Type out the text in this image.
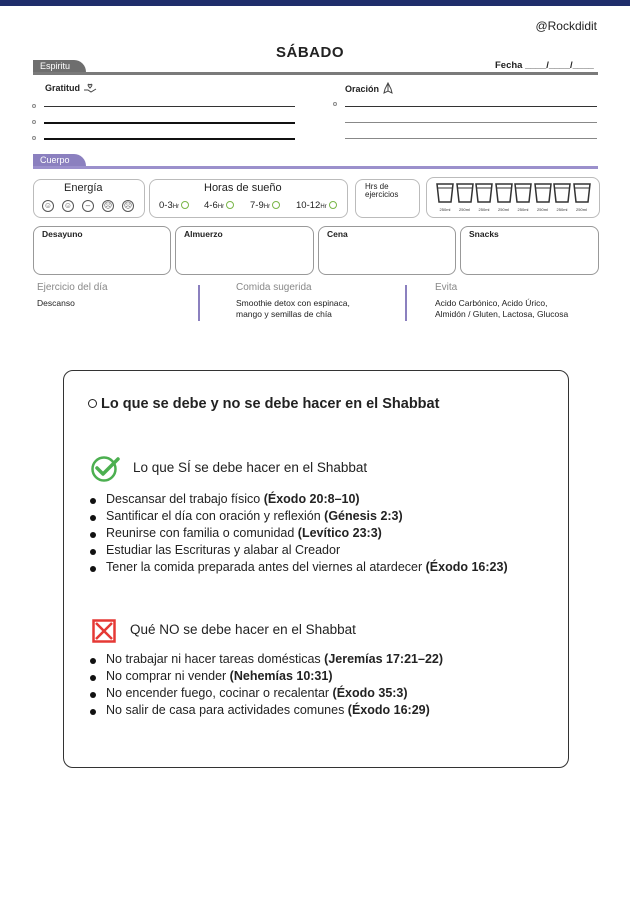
@Rockdidit
SÁBADO
Fecha ____/____/____
Espiritu
Gratitud	Oración
Cuerpo
Energía
☺ ☺	–	☹ ☹
Horas de sueño
0-3Hr	4-6Hr	7-9Hr	10-12Hr
Hrs de ejercicios
250ml	250ml	250ml	250ml	250ml	250ml	250ml	250ml
Desayuno	Almuerzo	Cena	Snacks
Ejercicio del día
Descanso
Comida sugerida
Smoothie detox con espinaca,
mango y semillas de chía
Evita
Acido Carbónico, Acido Úrico,
Almidón / Gluten, Lactosa, Glucosa
Lo que se debe y no se debe hacer en el Shabbat
Lo que SÍ se debe hacer en el Shabbat
Descansar del trabajo físico (Éxodo 20:8–10)
Santificar el día con oración y reflexión (Génesis 2:3)
Reunirse con familia o comunidad (Levítico 23:3)
Estudiar las Escrituras y alabar al Creador
Tener la comida preparada antes del viernes al atardecer (Éxodo 16:23)
Qué NO se debe hacer en el Shabbat
No trabajar ni hacer tareas domésticas (Jeremías 17:21–22)
No comprar ni vender (Nehemías 10:31)
No encender fuego, cocinar o recalentar (Éxodo 35:3)
No salir de casa para actividades comunes (Éxodo 16:29)
